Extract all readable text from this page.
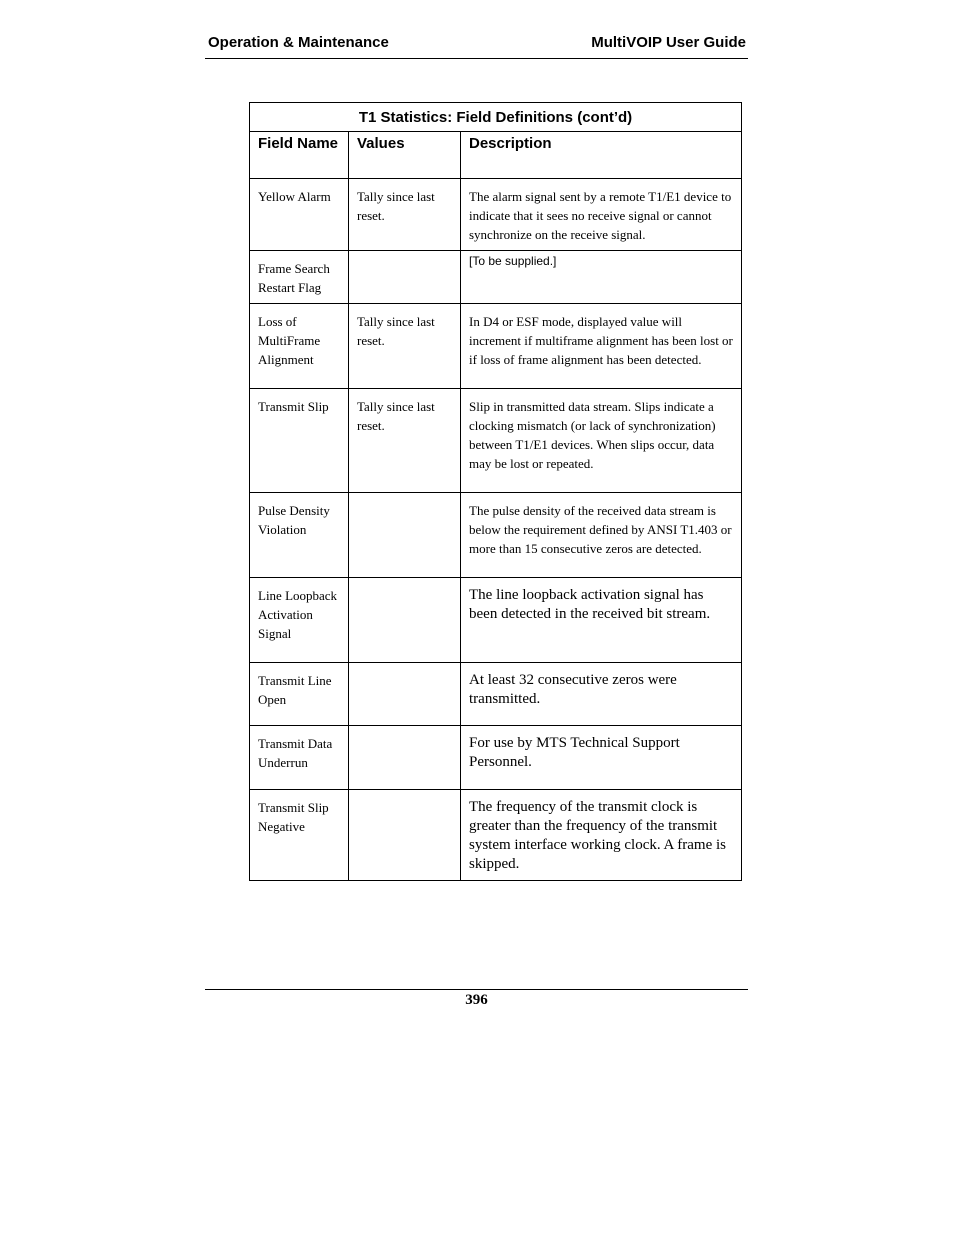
Operation & Maintenance	MultiVOIP User Guide
T1 Statistics: Field Definitions (cont’d)		
Field Name	Values	Description
Yellow Alarm	Tally since last reset.	The alarm signal sent by a remote T1/E1 device to indicate that it sees no receive signal or cannot synchronize on the receive signal.
Frame Search Restart Flag		[To be supplied.]
Loss of MultiFrame Alignment	Tally since last reset.	In D4 or ESF mode, displayed value will increment if multiframe alignment has been lost or if loss of frame alignment has been detected.
Transmit Slip	Tally since last reset.	Slip in transmitted data stream. Slips indicate a clocking mismatch (or lack of synchronization) between T1/E1 devices. When slips occur, data may be lost or repeated.
Pulse Density Violation		The pulse density of the received data stream is below the requirement defined by ANSI T1.403 or more than 15 consecutive zeros are detected.
Line Loopback Activation Signal		The line loopback activation signal has been detected in the received bit stream.
Transmit Line Open		At least 32 consecutive zeros were transmitted.
Transmit Data Underrun		For use by MTS Technical Support Personnel.
Transmit Slip Negative		The frequency of the transmit clock is greater than the frequency of the transmit system interface working clock. A frame is skipped.
396
